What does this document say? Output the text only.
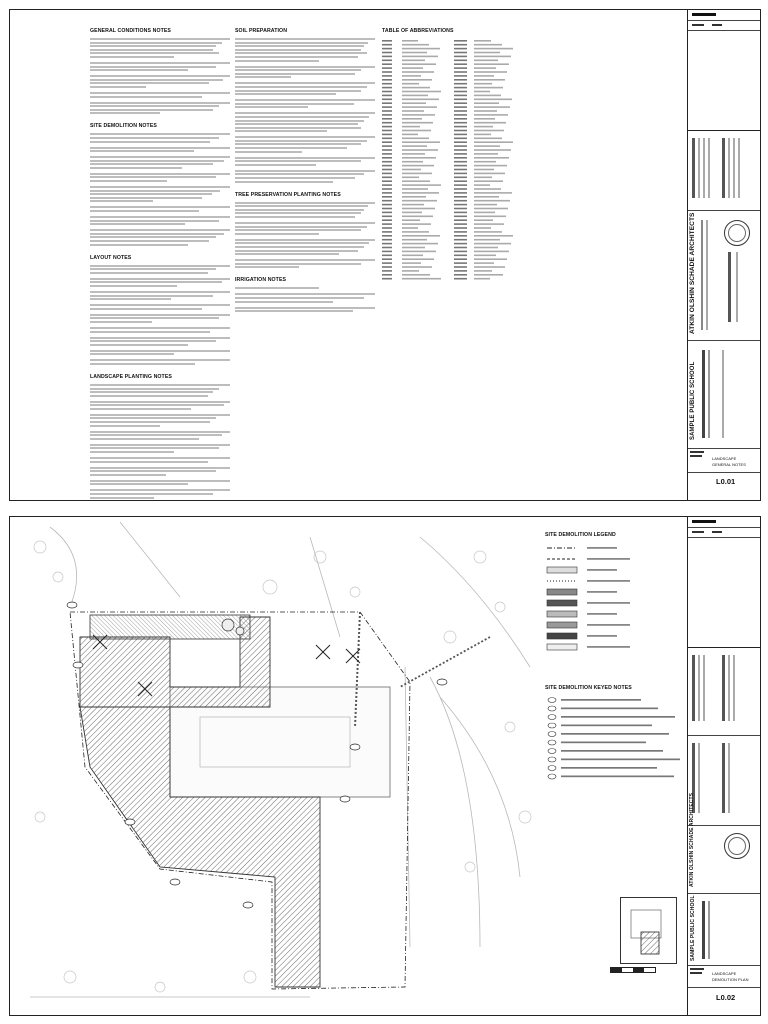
GENERAL CONDITIONS NOTES
SITE DEMOLITION NOTES
LAYOUT NOTES
LANDSCAPE PLANTING NOTES
SOIL PREPARATION
TREE PRESERVATION PLANTING NOTES
IRRIGATION NOTES
TABLE OF ABBREVIATIONS
ATKIN OLSHIN SCHADE ARCHITECTS
SAMPLE PUBLIC SCHOOL
LANDSCAPE
GENERAL NOTES
L0.01
SITE DEMOLITION LEGEND
SITE DEMOLITION KEYED NOTES
ATKIN OLSHIN SCHADE ARCHITECTS
SAMPLE PUBLIC SCHOOL
LANDSCAPE
DEMOLITION PLAN
L0.02
